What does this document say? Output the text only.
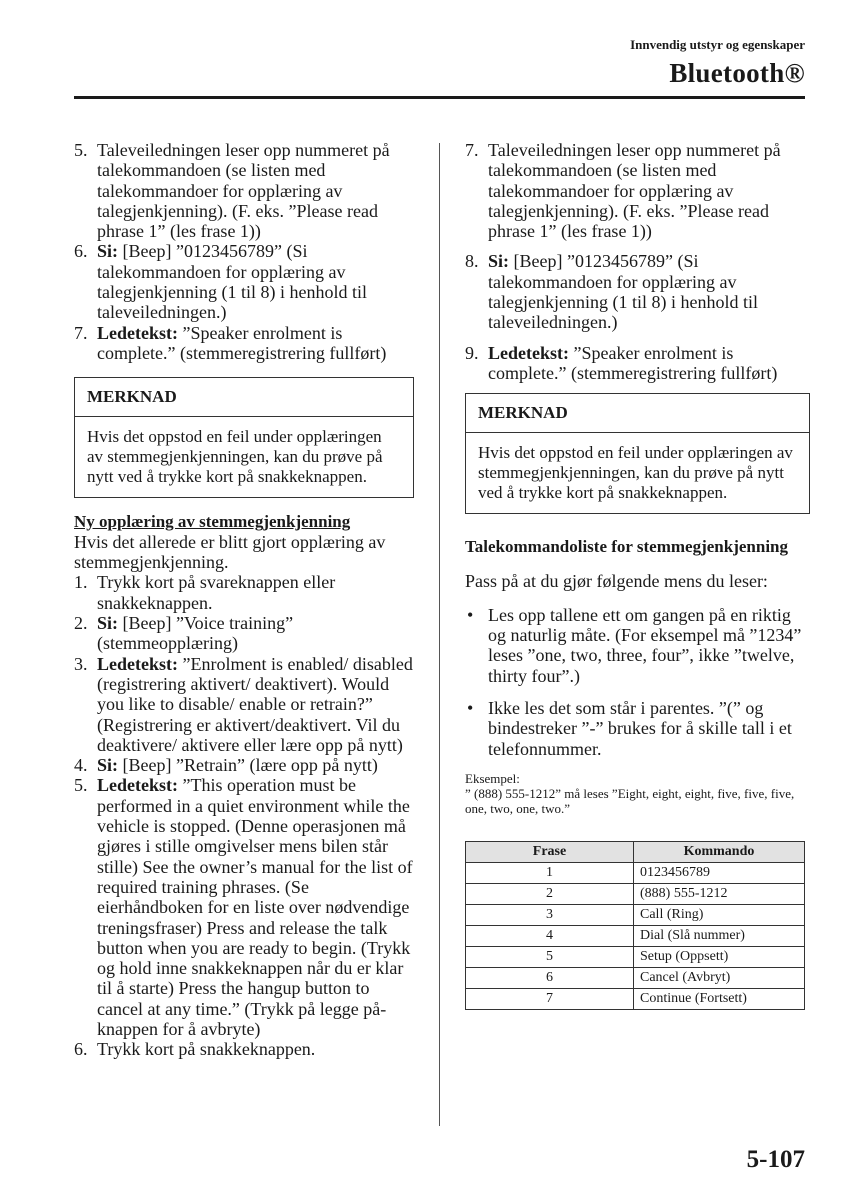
Innvendig utstyr og egenskaper
Bluetooth®
5. Taleveiledningen leser opp nummeret på talekommandoen (se listen med talekommandoer for opplæring av talegjenkjenning). (F. eks. ”Please read phrase 1” (les frase 1))
6. Si: [Beep] ”0123456789” (Si talekommandoen for opplæring av talegjenkjenning (1 til 8) i henhold til taleveiledningen.)
7. Ledetekst: ”Speaker enrolment is complete.” (stemmeregistrering fullført)
MERKNAD
Hvis det oppstod en feil under opplæringen av stemmegjenkjenningen, kan du prøve på nytt ved å trykke kort på snakkeknappen.
Ny opplæring av stemmegjenkjenning
Hvis det allerede er blitt gjort opplæring av stemmegjenkjenning.
1. Trykk kort på svareknappen eller snakkeknappen.
2. Si: [Beep] ”Voice training” (stemmeopplæring)
3. Ledetekst: ”Enrolment is enabled/ disabled (registrering aktivert/ deaktivert). Would you like to disable/ enable or retrain?” (Registrering er aktivert/deaktivert. Vil du deaktivere/ aktivere eller lære opp på nytt)
4. Si: [Beep] ”Retrain” (lære opp på nytt)
5. Ledetekst: ”This operation must be performed in a quiet environment while the vehicle is stopped. (Denne operasjonen må gjøres i stille omgivelser mens bilen står stille) See the owner’s manual for the list of required training phrases. (Se eierhåndboken for en liste over nødvendige treningsfraser) Press and release the talk button when you are ready to begin. (Trykk og hold inne snakkeknappen når du er klar til å starte) Press the hangup button to cancel at any time.” (Trykk på legge på-knappen for å avbryte)
6. Trykk kort på snakkeknappen.
7. Taleveiledningen leser opp nummeret på talekommandoen (se listen med talekommandoer for opplæring av talegjenkjenning). (F. eks. ”Please read phrase 1” (les frase 1))
8. Si: [Beep] ”0123456789” (Si talekommandoen for opplæring av talegjenkjenning (1 til 8) i henhold til taleveiledningen.)
9. Ledetekst: ”Speaker enrolment is complete.” (stemmeregistrering fullført)
MERKNAD
Hvis det oppstod en feil under opplæringen av stemmegjenkjenningen, kan du prøve på nytt ved å trykke kort på snakkeknappen.
Talekommandoliste for stemmegjenkjenning
Pass på at du gjør følgende mens du leser:
• Les opp tallene ett om gangen på en riktig og naturlig måte. (For eksempel må ”1234” leses ”one, two, three, four”, ikke ”twelve, thirty four”.)
• Ikke les det som står i parentes. ”(” og bindestreker ”-” brukes for å skille tall i et telefonnummer.
Eksempel:
” (888) 555-1212” må leses ”Eight, eight, eight, five, five, five, one, two, one, two.”
Frase	Kommando
1	0123456789
2	(888) 555-1212
3	Call (Ring)
4	Dial (Slå nummer)
5	Setup (Oppsett)
6	Cancel (Avbryt)
7	Continue (Fortsett)
5-107
